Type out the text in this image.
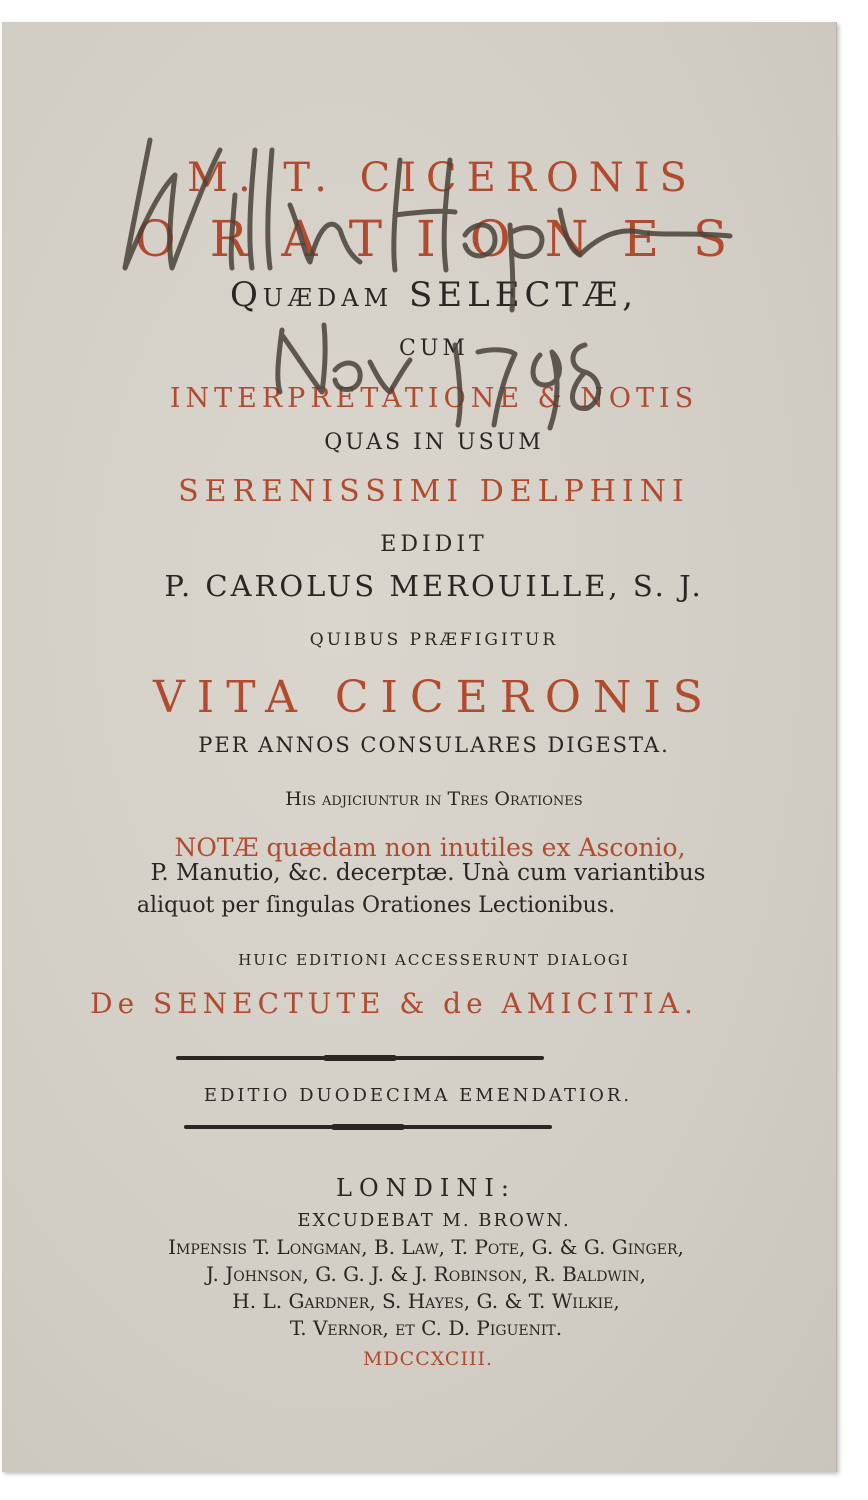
M. T. CICERONIS
ORATIONES
Quædam SELECTÆ,
CUM
INTERPRETATIONE & NOTIS
QUAS IN USUM
SERENISSIMI DELPHINI
EDIDIT
P. CAROLUS MEROUILLE, S. J.
QUIBUS PRÆFIGITUR
VITA CICERONIS
PER ANNOS CONSULARES DIGESTA.
His adjiciuntur in Tres Orationes
NOTÆ quædam non inutiles ex Asconio,
P. Manutio, &c. decerptæ. Unà cum variantibus
aliquot per ſingulas Orationes Lectionibus.
HUIC EDITIONI ACCESSERUNT DIALOGI
De SENECTUTE & de AMICITIA.
EDITIO DUODECIMA EMENDATIOR.
LONDINI:
EXCUDEBAT M. BROWN.
Impensis T. Longman, B. Law, T. Pote, G. & G. Ginger,
J. Johnson, G. G. J. & J. Robinson, R. Baldwin,
H. L. Gardner, S. Hayes, G. & T. Wilkie,
T. Vernor, et C. D. Piguenit.
MDCCXCIII.
